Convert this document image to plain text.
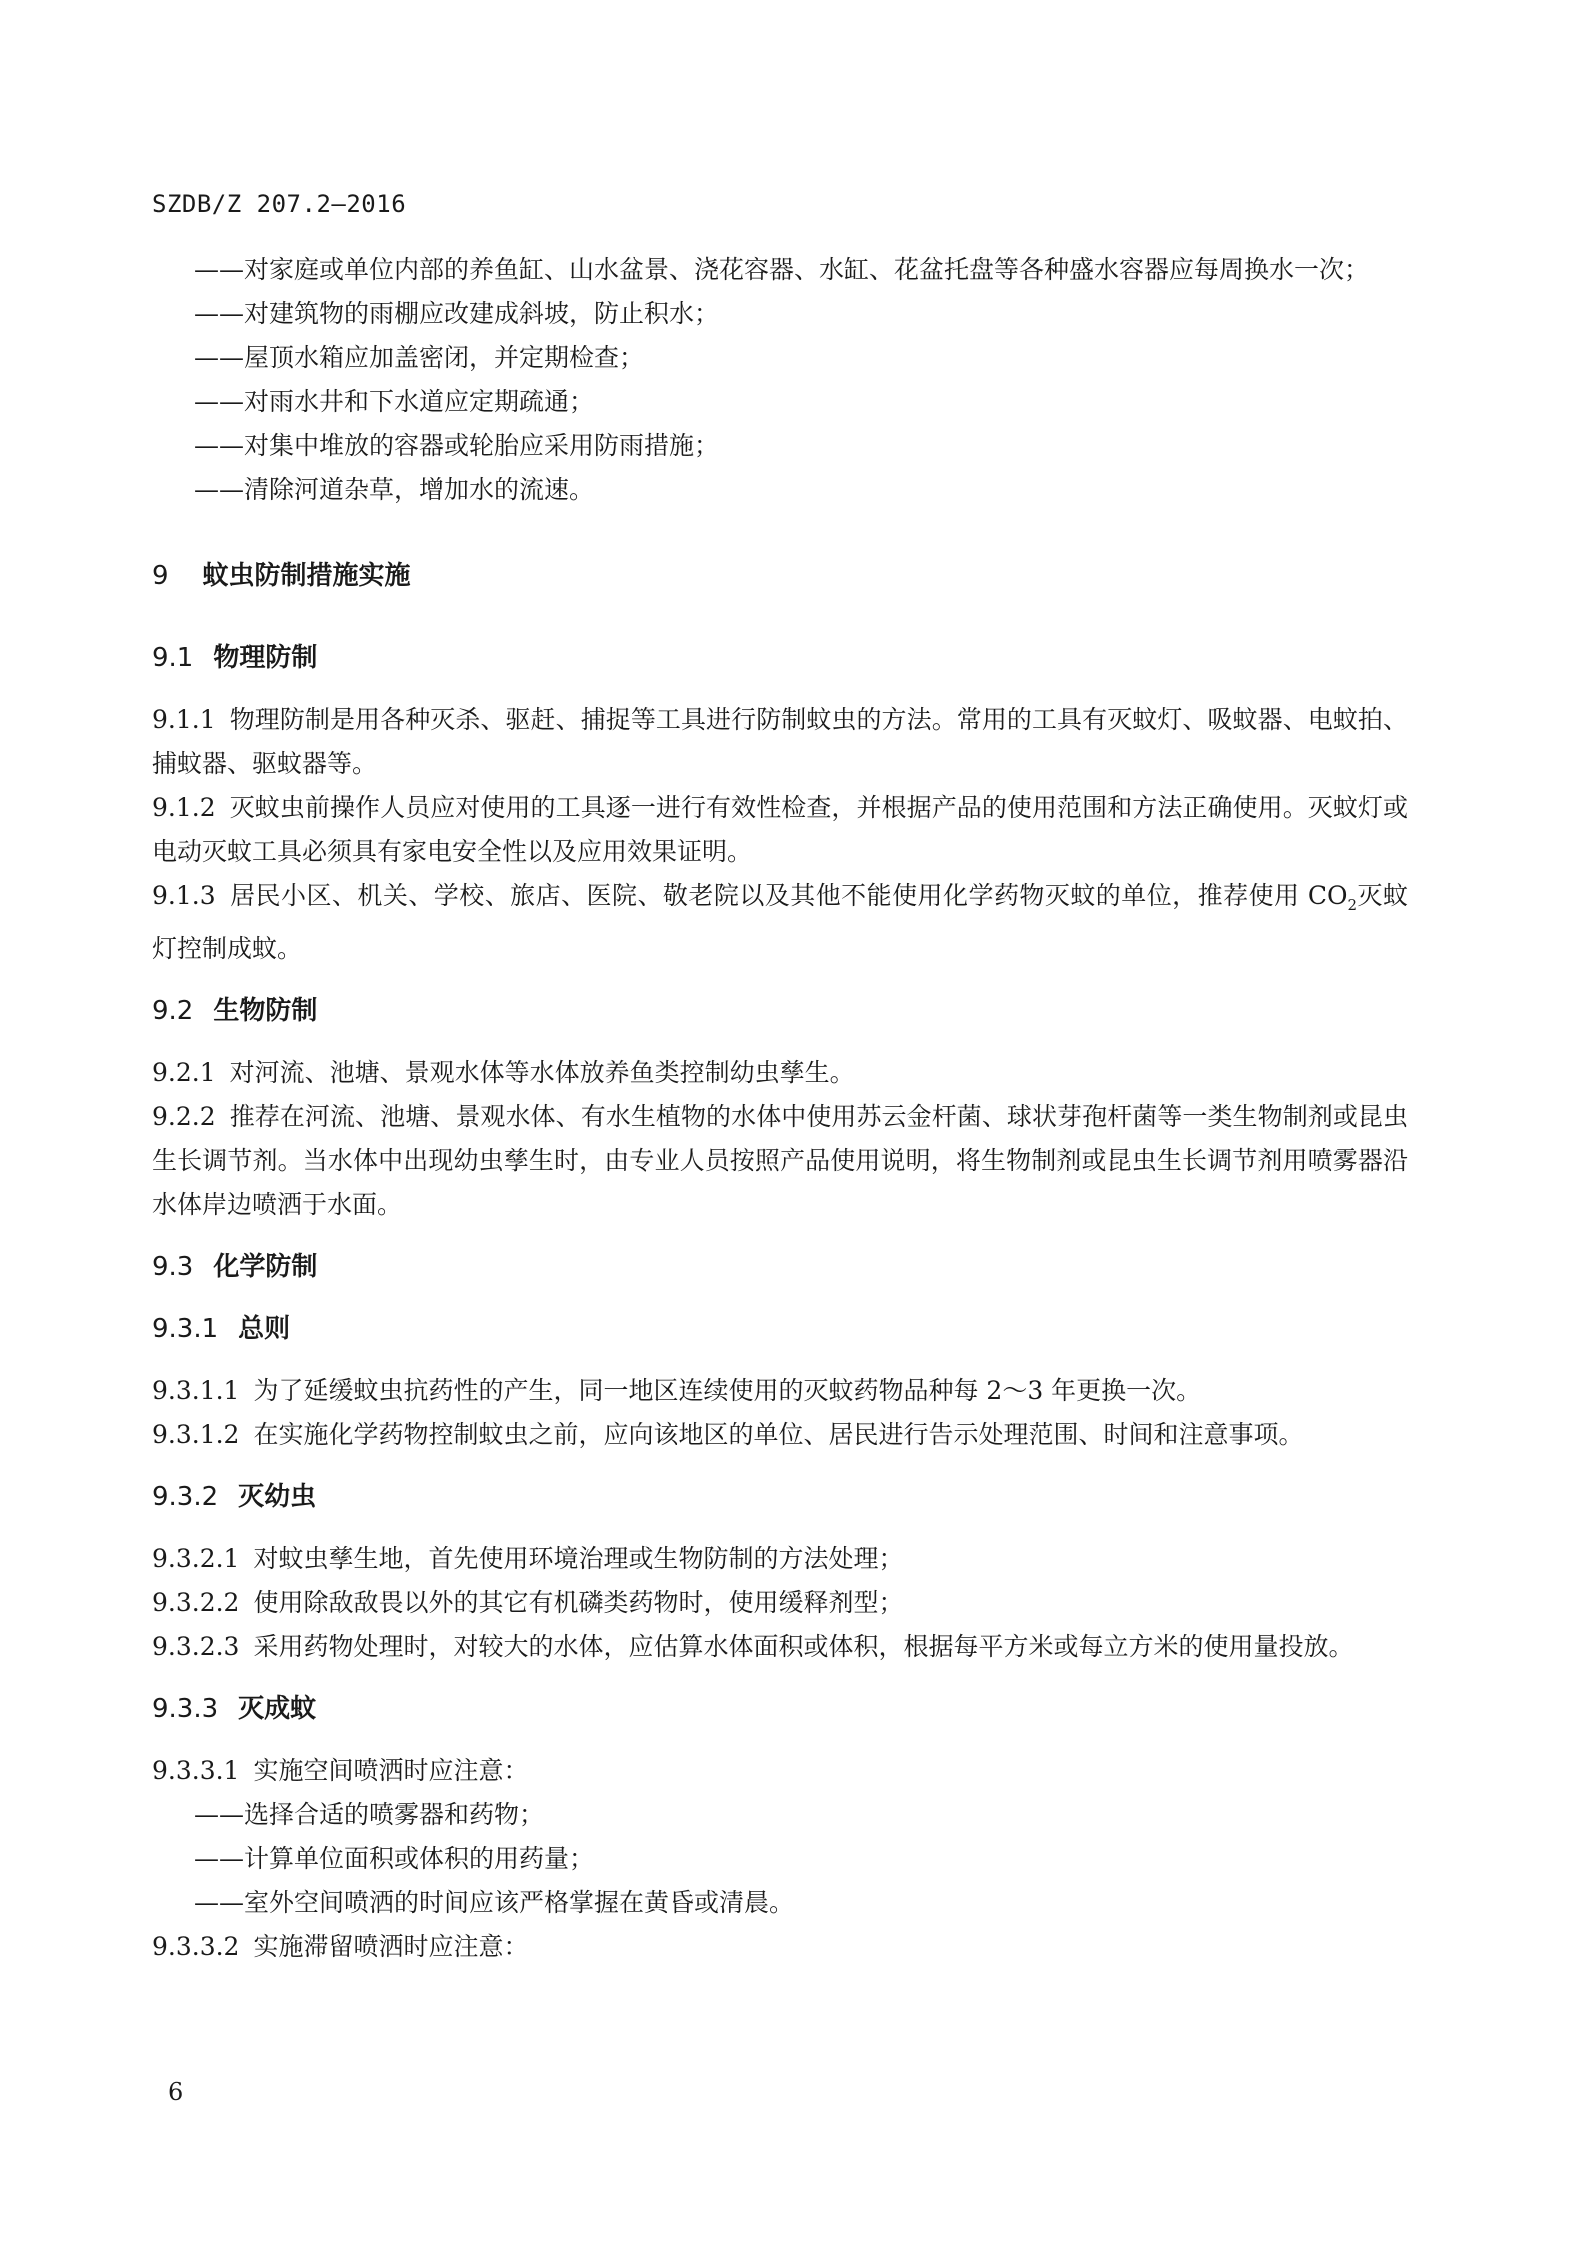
SZDB/Z 207.2—2016

——对家庭或单位内部的养鱼缸、山水盆景、浇花容器、水缸、花盆托盘等各种盛水容器应每周换水一次；

——对建筑物的雨棚应改建成斜坡，防止积水；

——屋顶水箱应加盖密闭，并定期检查；

——对雨水井和下水道应定期疏通；

——对集中堆放的容器或轮胎应采用防雨措施；

——清除河道杂草，增加水的流速。

9 蚊虫防制措施实施
9.1 物理防制

9.1.1 物理防制是用各种灭杀、驱赶、捕捉等工具进行防制蚊虫的方法。常用的工具有灭蚊灯、吸蚊器、电蚊拍、捕蚊器、驱蚊器等。

9.1.2 灭蚊虫前操作人员应对使用的工具逐一进行有效性检查，并根据产品的使用范围和方法正确使用。灭蚊灯或电动灭蚊工具必须具有家电安全性以及应用效果证明。

9.1.3 居民小区、机关、学校、旅店、医院、敬老院以及其他不能使用化学药物灭蚊的单位，推荐使用 $CO_2$灭蚊灯控制成蚊。

9.2 生物防制

9.2.1 对河流、池塘、景观水体等水体放养鱼类控制幼虫孳生。

9.2.2 推荐在河流、池塘、景观水体、有水生植物的水体中使用苏云金杆菌、球状芽孢杆菌等一类生物制剂或昆虫生长调节剂。当水体中出现幼虫孳生时，由专业人员按照产品使用说明，将生物制剂或昆虫生长调节剂用喷雾器沿水体岸边喷洒于水面。

9.3 化学防制
9.3.1 总则

9.3.1.1 为了延缓蚊虫抗药性的产生，同一地区连续使用的灭蚊药物品种每 2～3 年更换一次。

9.3.1.2 在实施化学药物控制蚊虫之前，应向该地区的单位、居民进行告示处理范围、时间和注意事项。

9.3.2 灭幼虫

9.3.2.1 对蚊虫孳生地，首先使用环境治理或生物防制的方法处理；

9.3.2.2 使用除敌敌畏以外的其它有机磷类药物时，使用缓释剂型；

9.3.2.3 采用药物处理时，对较大的水体，应估算水体面积或体积，根据每平方米或每立方米的使用量投放。

9.3.3 灭成蚊

9.3.3.1 实施空间喷洒时应注意：

——选择合适的喷雾器和药物；

——计算单位面积或体积的用药量；

——室外空间喷洒的时间应该严格掌握在黄昏或清晨。

9.3.3.2 实施滞留喷洒时应注意：

6
